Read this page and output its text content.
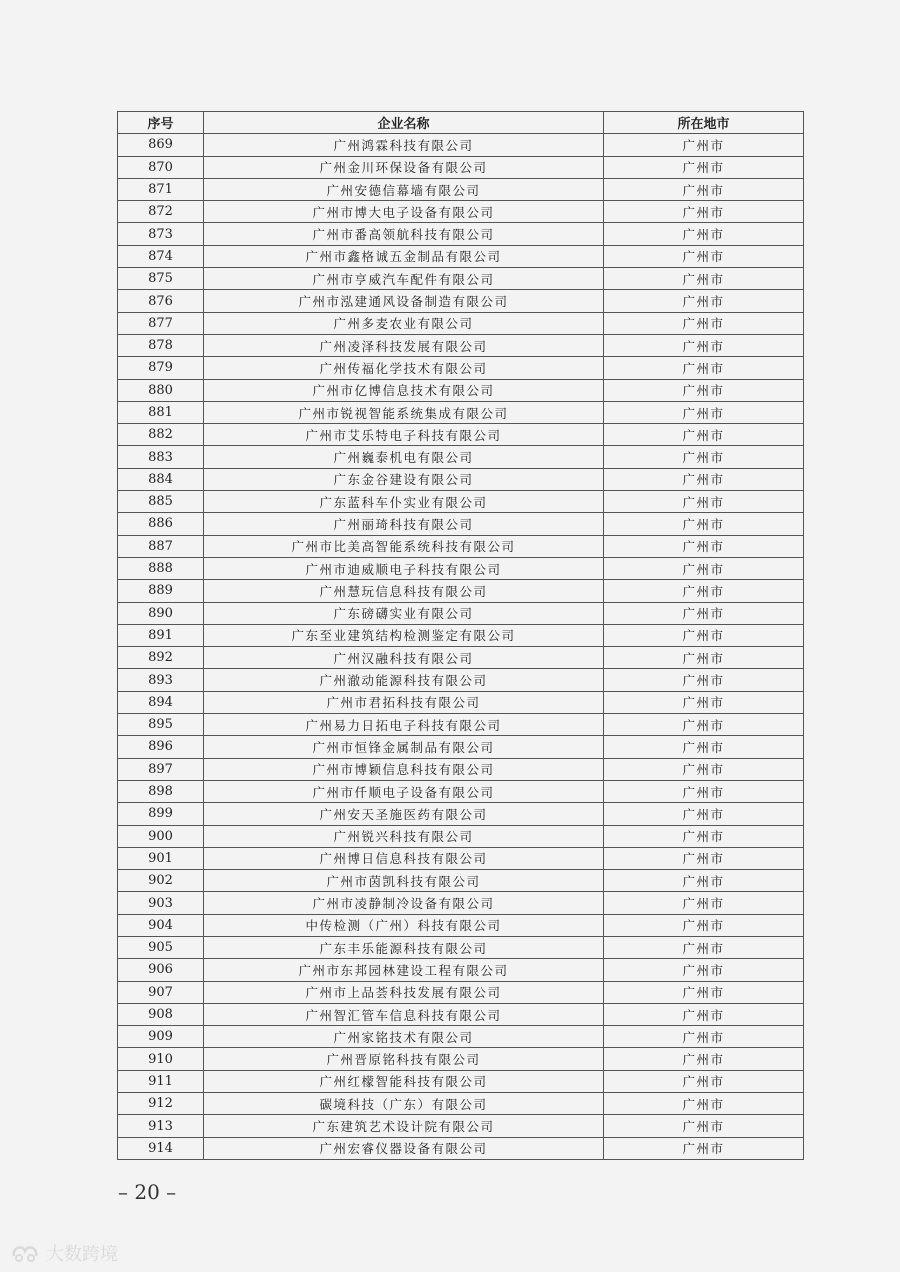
序号	企业名称	所在地市
869	广州鸿霖科技有限公司	广州市
870	广州金川环保设备有限公司	广州市
871	广州安德信幕墙有限公司	广州市
872	广州市博大电子设备有限公司	广州市
873	广州市番高领航科技有限公司	广州市
874	广州市鑫格诚五金制品有限公司	广州市
875	广州市亨威汽车配件有限公司	广州市
876	广州市泓建通风设备制造有限公司	广州市
877	广州多麦农业有限公司	广州市
878	广州凌泽科技发展有限公司	广州市
879	广州传福化学技术有限公司	广州市
880	广州市亿博信息技术有限公司	广州市
881	广州市锐视智能系统集成有限公司	广州市
882	广州市艾乐特电子科技有限公司	广州市
883	广州巍泰机电有限公司	广州市
884	广东金谷建设有限公司	广州市
885	广东蓝科车仆实业有限公司	广州市
886	广州丽琦科技有限公司	广州市
887	广州市比美高智能系统科技有限公司	广州市
888	广州市迪威顺电子科技有限公司	广州市
889	广州慧玩信息科技有限公司	广州市
890	广东磅礴实业有限公司	广州市
891	广东至业建筑结构检测鉴定有限公司	广州市
892	广州汉融科技有限公司	广州市
893	广州澈动能源科技有限公司	广州市
894	广州市君拓科技有限公司	广州市
895	广州易力日拓电子科技有限公司	广州市
896	广州市恒锋金属制品有限公司	广州市
897	广州市博颖信息科技有限公司	广州市
898	广州市仟顺电子设备有限公司	广州市
899	广州安天圣施医药有限公司	广州市
900	广州锐兴科技有限公司	广州市
901	广州博日信息科技有限公司	广州市
902	广州市茵凯科技有限公司	广州市
903	广州市凌静制冷设备有限公司	广州市
904	中传检测（广州）科技有限公司	广州市
905	广东丰乐能源科技有限公司	广州市
906	广州市东邦园林建设工程有限公司	广州市
907	广州市上品荟科技发展有限公司	广州市
908	广州智汇管车信息科技有限公司	广州市
909	广州家铭技术有限公司	广州市
910	广州晋原铭科技有限公司	广州市
911	广州红檬智能科技有限公司	广州市
912	碳境科技（广东）有限公司	广州市
913	广东建筑艺术设计院有限公司	广州市
914	广州宏睿仪器设备有限公司	广州市
– 20 –
大数跨境
